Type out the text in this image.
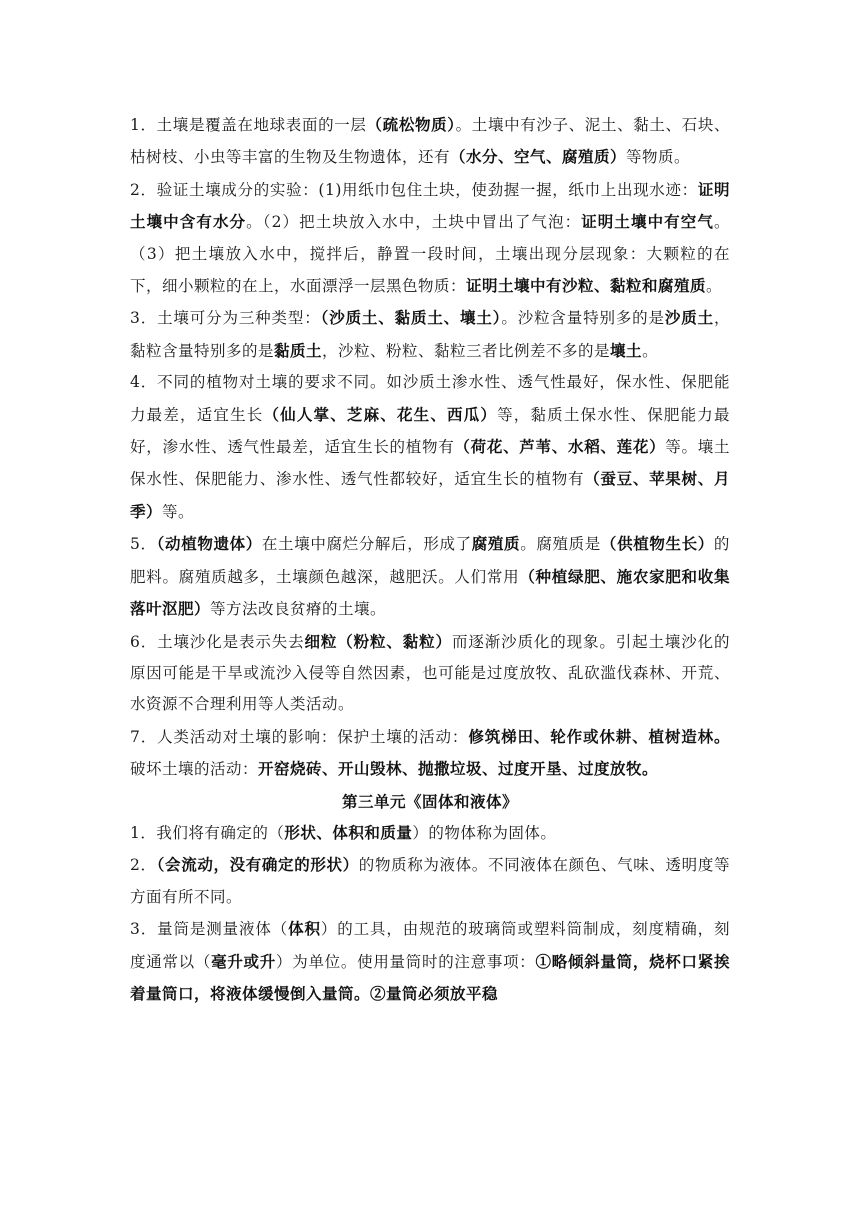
1．土壤是覆盖在地球表面的一层（疏松物质）。土壤中有沙子、泥土、黏土、石块、枯树枝、小虫等丰富的生物及生物遗体，还有（水分、空气、腐殖质）等物质。

2．验证土壤成分的实验：(1)用纸巾包住土块，使劲握一握，纸巾上出现水迹：证明土壤中含有水分。（2）把土块放入水中，土块中冒出了气泡：证明土壤中有空气。（3）把土壤放入水中，搅拌后，静置一段时间，土壤出现分层现象：大颗粒的在下，细小颗粒的在上，水面漂浮一层黑色物质：证明土壤中有沙粒、黏粒和腐殖质。

3．土壤可分为三种类型：（沙质土、黏质土、壤土）。沙粒含量特别多的是沙质土，黏粒含量特别多的是黏质土，沙粒、粉粒、黏粒三者比例差不多的是壤土。

4．不同的植物对土壤的要求不同。如沙质土渗水性、透气性最好，保水性、保肥能力最差，适宜生长（仙人掌、芝麻、花生、西瓜）等，黏质土保水性、保肥能力最好，渗水性、透气性最差，适宜生长的植物有（荷花、芦苇、水稻、莲花）等。壤土保水性、保肥能力、渗水性、透气性都较好，适宜生长的植物有（蚕豆、苹果树、月季）等。

5．（动植物遗体）在土壤中腐烂分解后，形成了腐殖质。腐殖质是（供植物生长）的肥料。腐殖质越多，土壤颜色越深，越肥沃。人们常用（种植绿肥、施农家肥和收集落叶沤肥）等方法改良贫瘠的土壤。

6．土壤沙化是表示失去细粒（粉粒、黏粒）而逐渐沙质化的现象。引起土壤沙化的原因可能是干旱或流沙入侵等自然因素，也可能是过度放牧、乱砍滥伐森林、开荒、水资源不合理利用等人类活动。

7．人类活动对土壤的影响：保护土壤的活动：修筑梯田、轮作或休耕、植树造林。破坏土壤的活动：开窑烧砖、开山毁林、抛撒垃圾、过度开垦、过度放牧。

第三单元《固体和液体》

1．我们将有确定的（形状、体积和质量）的物体称为固体。

2．（会流动，没有确定的形状）的物质称为液体。不同液体在颜色、气味、透明度等方面有所不同。

3．量筒是测量液体（体积）的工具，由规范的玻璃筒或塑料筒制成，刻度精确，刻度通常以（毫升或升）为单位。使用量筒时的注意事项：①略倾斜量筒，烧杯口紧挨着量筒口，将液体缓慢倒入量筒。②量筒必须放平稳
